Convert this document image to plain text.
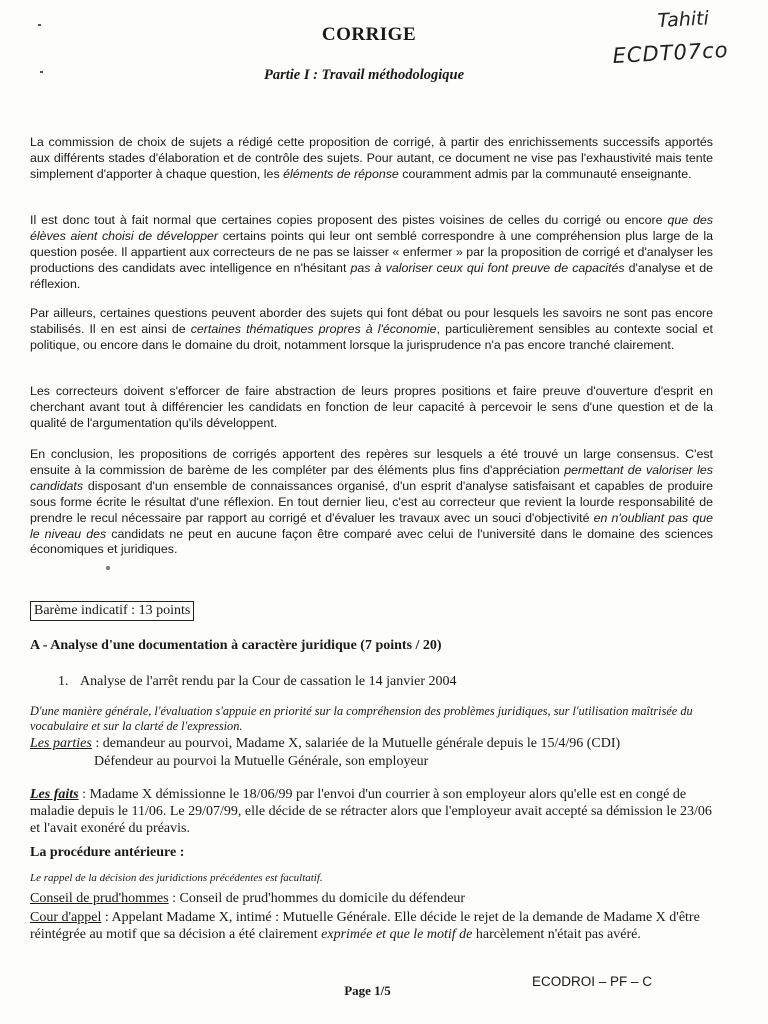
CORRIGE
Partie I : Travail méthodologique
Tahiti
ECDT07co

La commission de choix de sujets a rédigé cette proposition de corrigé, à partir des enrichissements successifs apportés aux différents stades d'élaboration et de contrôle des sujets. Pour autant, ce document ne vise pas l'exhaustivité mais tente simplement d'apporter à chaque question, les éléments de réponse couramment admis par la communauté enseignante.

Il est donc tout à fait normal que certaines copies proposent des pistes voisines de celles du corrigé ou encore que des élèves aient choisi de développer certains points qui leur ont semblé correspondre à une compréhension plus large de la question posée. Il appartient aux correcteurs de ne pas se laisser « enfermer » par la proposition de corrigé et d'analyser les productions des candidats avec intelligence en n'hésitant pas à valoriser ceux qui font preuve de capacités d'analyse et de réflexion.

Par ailleurs, certaines questions peuvent aborder des sujets qui font débat ou pour lesquels les savoirs ne sont pas encore stabilisés. Il en est ainsi de certaines thématiques propres à l'économie, particulièrement sensibles au contexte social et politique, ou encore dans le domaine du droit, notamment lorsque la jurisprudence n'a pas encore tranché clairement.

Les correcteurs doivent s'efforcer de faire abstraction de leurs propres positions et faire preuve d'ouverture d'esprit en cherchant avant tout à différencier les candidats en fonction de leur capacité à percevoir le sens d'une question et de la qualité de l'argumentation qu'ils développent.

En conclusion, les propositions de corrigés apportent des repères sur lesquels a été trouvé un large consensus. C'est ensuite à la commission de barème de les compléter par des éléments plus fins d'appréciation permettant de valoriser les candidats disposant d'un ensemble de connaissances organisé, d'un esprit d'analyse satisfaisant et capables de produire sous forme écrite le résultat d'une réflexion. En tout dernier lieu, c'est au correcteur que revient la lourde responsabilité de prendre le recul nécessaire par rapport au corrigé et d'évaluer les travaux avec un souci d'objectivité en n'oubliant pas que le niveau des candidats ne peut en aucune façon être comparé avec celui de l'université dans le domaine des sciences économiques et juridiques.

Barème indicatif : 13 points
A - Analyse d'une documentation à caractère juridique (7 points / 20)
1. Analyse de l'arrêt rendu par la Cour de cassation le 14 janvier 2004
D'une manière générale, l'évaluation s'appuie en priorité sur la compréhension des problèmes juridiques, sur l'utilisation maîtrisée du vocabulaire et sur la clarté de l'expression.
Les parties : demandeur au pourvoi, Madame X, salariée de la Mutuelle générale depuis le 15/4/96 (CDI)
Défendeur au pourvoi la Mutuelle Générale, son employeur
Les faits : Madame X démissionne le 18/06/99 par l'envoi d'un courrier à son employeur alors qu'elle est en congé de maladie depuis le 11/06. Le 29/07/99, elle décide de se rétracter alors que l'employeur avait accepté sa démission le 23/06 et l'avait exonéré du préavis.
La procédure antérieure :
Le rappel de la décision des juridictions précédentes est facultatif.
Conseil de prud'hommes : Conseil de prud'hommes du domicile du défendeur
Cour d'appel : Appelant Madame X, intimé : Mutuelle Générale. Elle décide le rejet de la demande de Madame X d'être réintégrée au motif que sa décision a été clairement exprimée et que le motif de harcèlement n'était pas avéré.
Page 1/5
ECODROI – PF – C
